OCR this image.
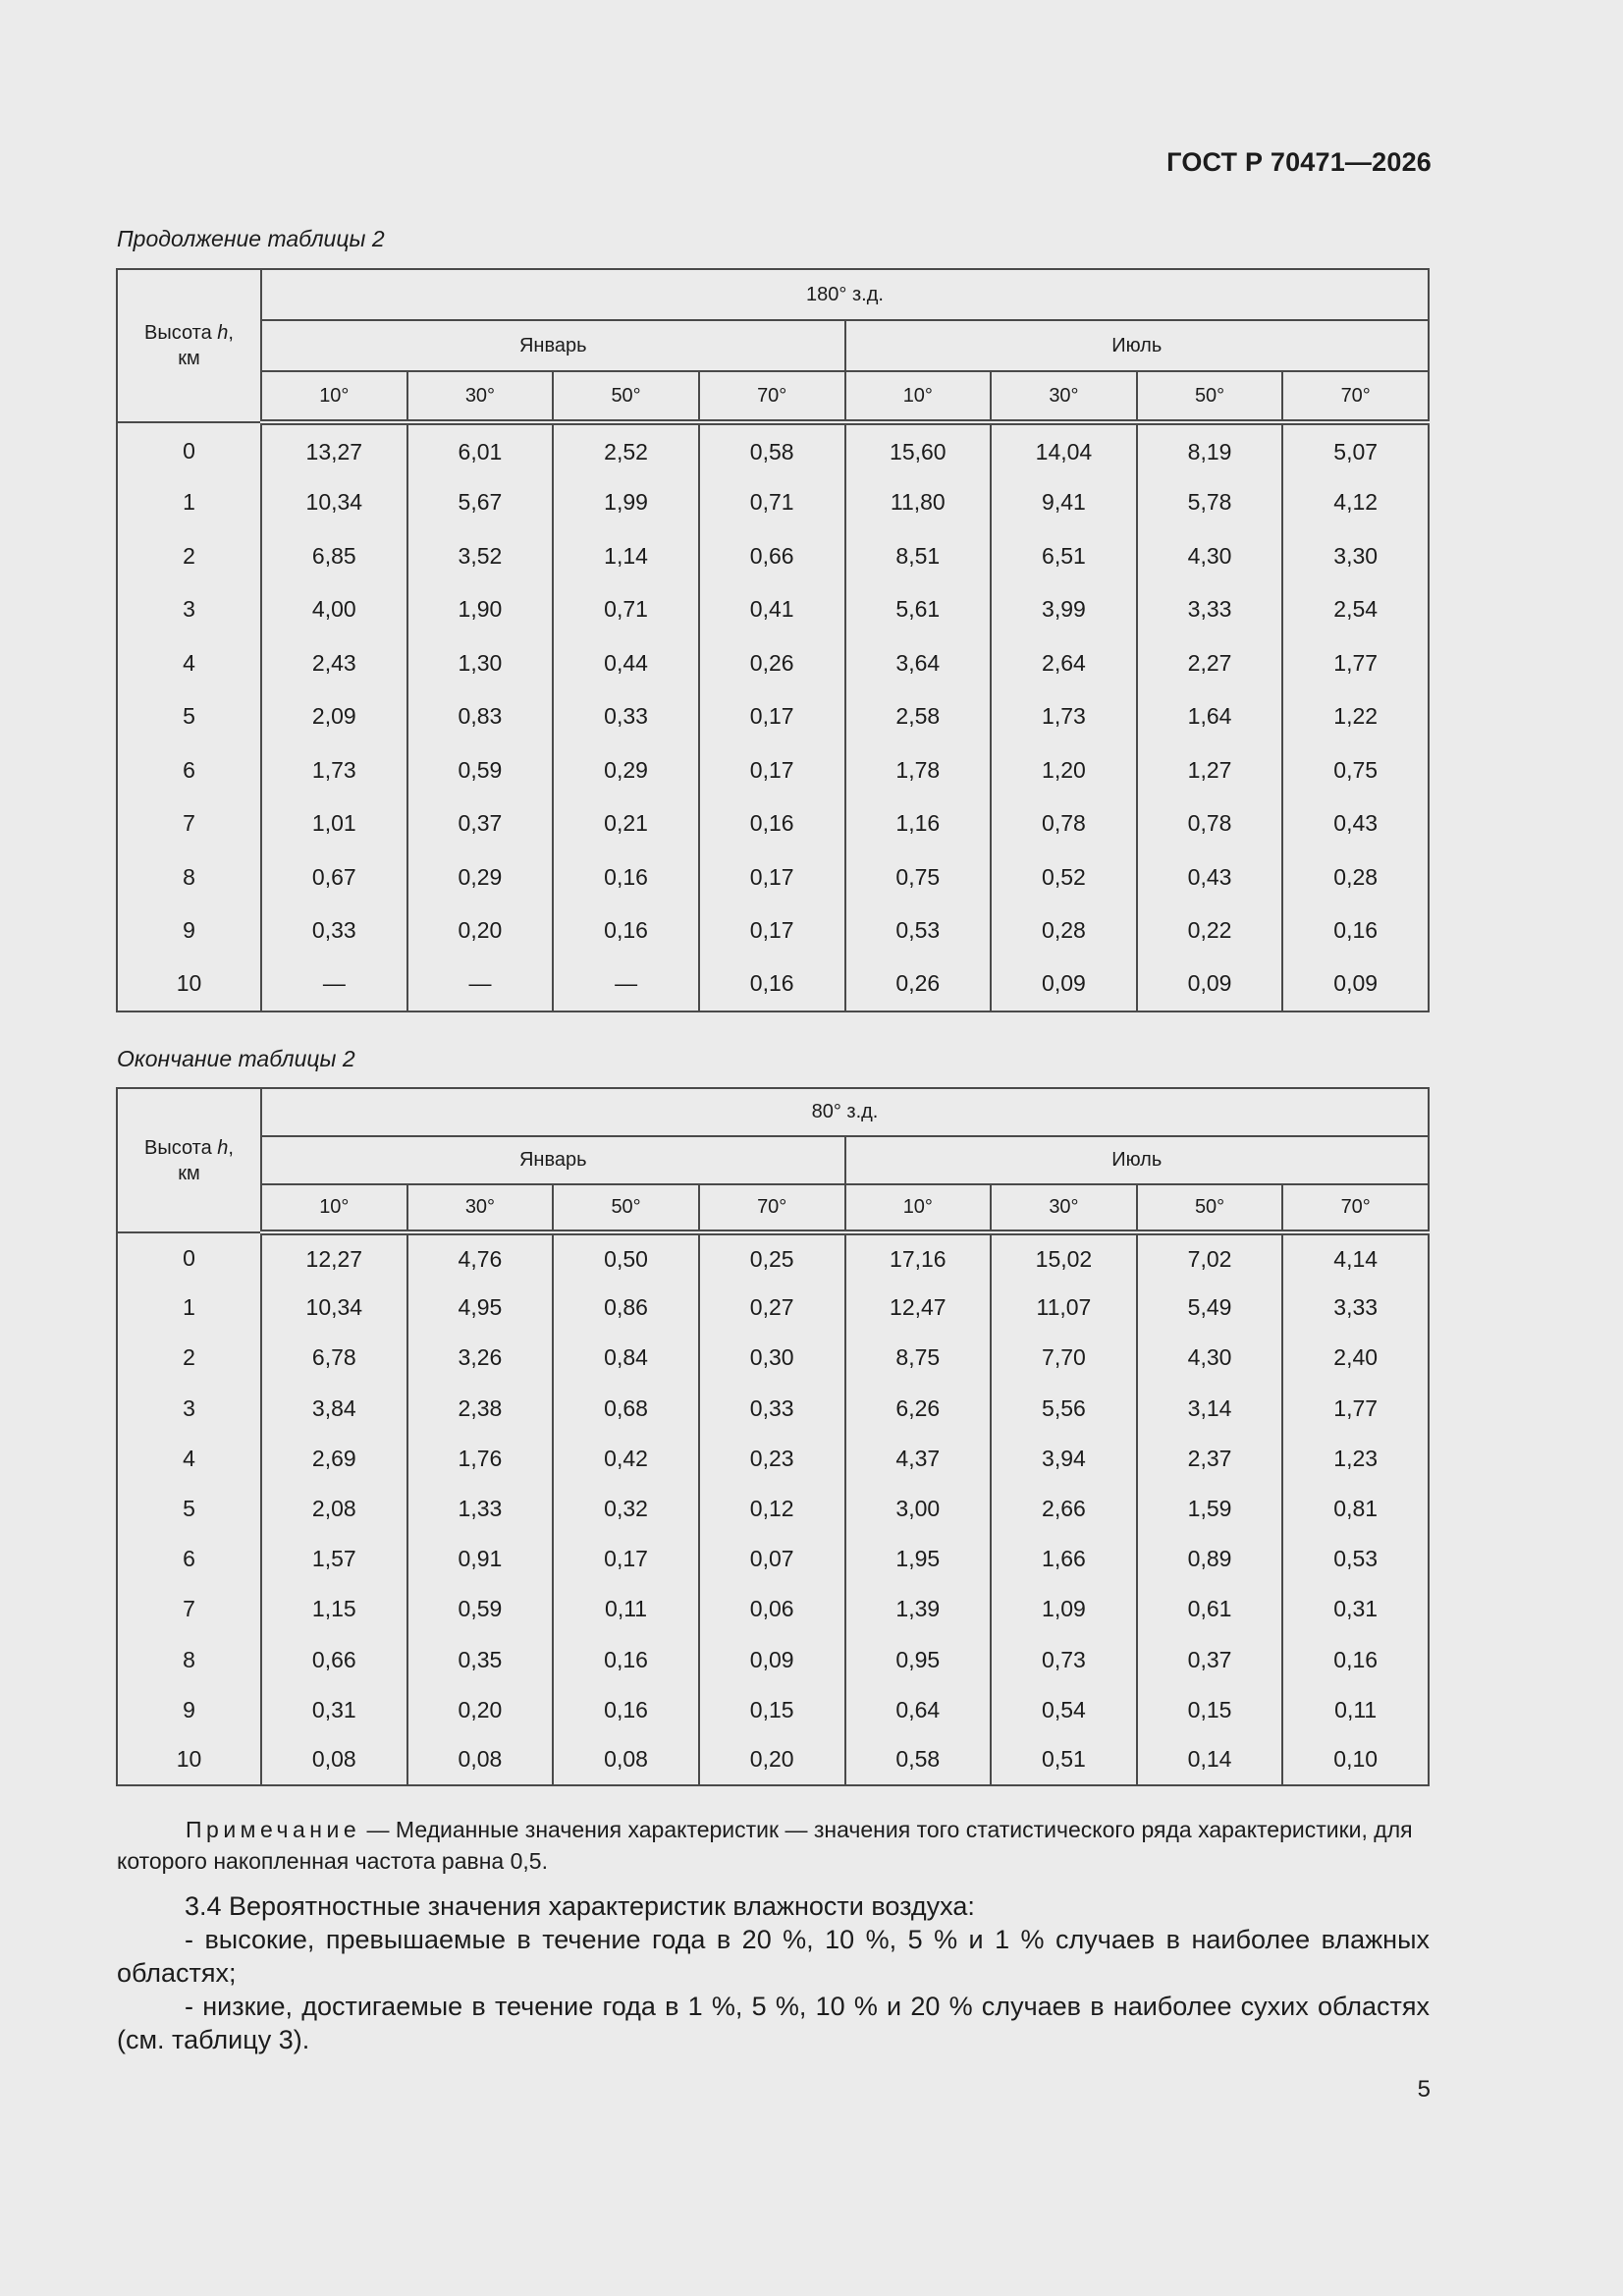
ГОСТ Р 70471—2026
Продолжение таблицы 2
Высота h,
км	180° з.д.							
	Январь				Июль			
	10°	30°	50°	70°	10°	30°	50°	70°
0	13,27	6,01	2,52	0,58	15,60	14,04	8,19	5,07
1	10,34	5,67	1,99	0,71	11,80	9,41	5,78	4,12
2	6,85	3,52	1,14	0,66	8,51	6,51	4,30	3,30
3	4,00	1,90	0,71	0,41	5,61	3,99	3,33	2,54
4	2,43	1,30	0,44	0,26	3,64	2,64	2,27	1,77
5	2,09	0,83	0,33	0,17	2,58	1,73	1,64	1,22
6	1,73	0,59	0,29	0,17	1,78	1,20	1,27	0,75
7	1,01	0,37	0,21	0,16	1,16	0,78	0,78	0,43
8	0,67	0,29	0,16	0,17	0,75	0,52	0,43	0,28
9	0,33	0,20	0,16	0,17	0,53	0,28	0,22	0,16
10	—	—	—	0,16	0,26	0,09	0,09	0,09
Окончание таблицы 2
Высота h,
км	80° з.д.							
	Январь				Июль			
	10°	30°	50°	70°	10°	30°	50°	70°
0	12,27	4,76	0,50	0,25	17,16	15,02	7,02	4,14
1	10,34	4,95	0,86	0,27	12,47	11,07	5,49	3,33
2	6,78	3,26	0,84	0,30	8,75	7,70	4,30	2,40
3	3,84	2,38	0,68	0,33	6,26	5,56	3,14	1,77
4	2,69	1,76	0,42	0,23	4,37	3,94	2,37	1,23
5	2,08	1,33	0,32	0,12	3,00	2,66	1,59	0,81
6	1,57	0,91	0,17	0,07	1,95	1,66	0,89	0,53
7	1,15	0,59	0,11	0,06	1,39	1,09	0,61	0,31
8	0,66	0,35	0,16	0,09	0,95	0,73	0,37	0,16
9	0,31	0,20	0,16	0,15	0,64	0,54	0,15	0,11
10	0,08	0,08	0,08	0,20	0,58	0,51	0,14	0,10
Примечание — Медианные значения характеристик — значения того статистического ряда характеристики, для которого накопленная частота равна 0,5.
3.4 Вероятностные значения характеристик влажности воздуха:
- высокие, превышаемые в течение года в 20 %, 10 %, 5 % и 1 % случаев в наиболее влажных областях;
- низкие, достигаемые в течение года в 1 %, 5 %, 10 % и 20 % случаев в наиболее сухих областях (см. таблицу 3).
5
